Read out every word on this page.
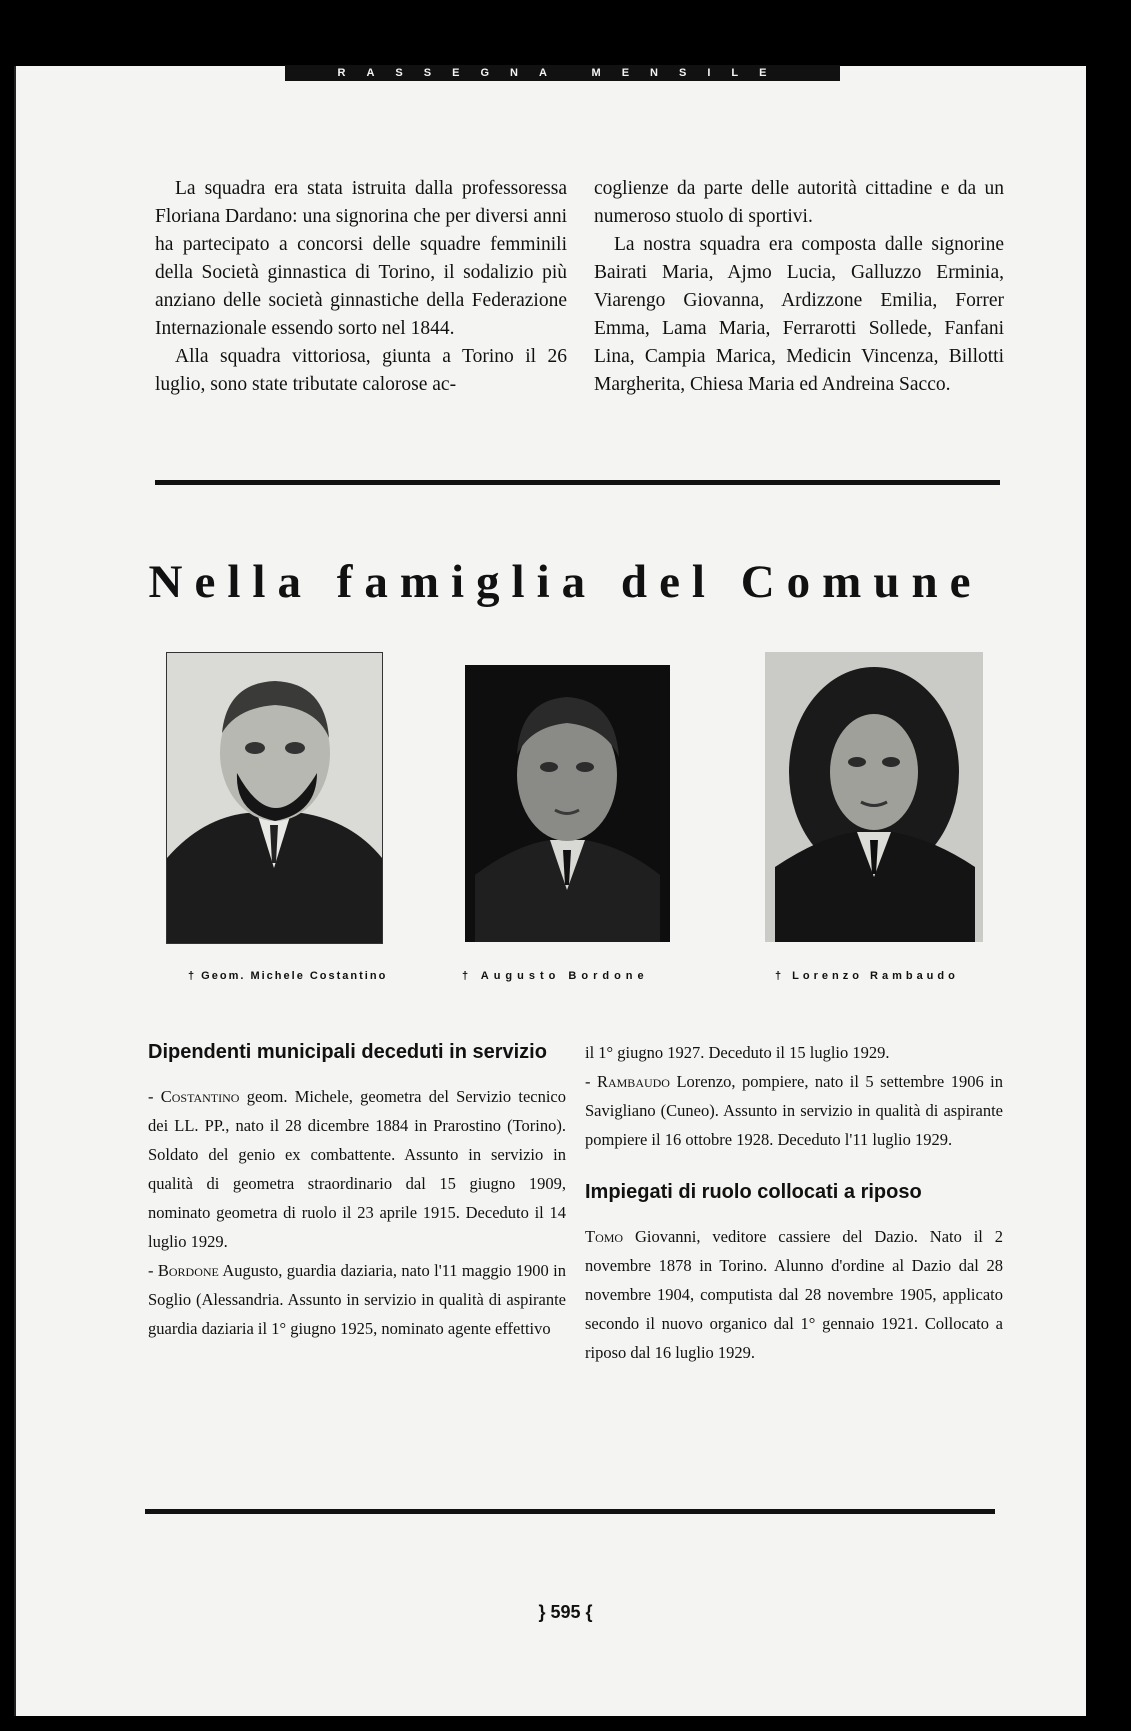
RASSEGNA MENSILE

La squadra era stata istruita dalla professoressa Floriana Dardano: una signorina che per diversi anni ha partecipato a concorsi delle squadre femminili della Società ginnastica di Torino, il sodalizio più anziano delle società ginnastiche della Federazione Internazionale essendo sorto nel 1844.

Alla squadra vittoriosa, giunta a Torino il 26 luglio, sono state tributate calorose ac-

coglienze da parte delle autorità cittadine e da un numeroso stuolo di sportivi.

La nostra squadra era composta dalle signorine Bairati Maria, Ajmo Lucia, Galluzzo Erminia, Viarengo Giovanna, Ardizzone Emilia, Forrer Emma, Lama Maria, Ferrarotti Sollede, Fanfani Lina, Campia Marica, Medicin Vincenza, Billotti Margherita, Chiesa Maria ed Andreina Sacco.

Nella famiglia del Comune
† Geom. Michele Costantino	† Augusto Bordone	† Lorenzo Rambaudo
Dipendenti municipali deceduti in servizio

- Costantino geom. Michele, geometra del Servizio tecnico dei LL. PP., nato il 28 dicembre 1884 in Prarostino (Torino). Soldato del genio ex combattente. Assunto in servizio in qualità di geometra straordinario dal 15 giugno 1909, nominato geometra di ruolo il 23 aprile 1915. Deceduto il 14 luglio 1929.

- Bordone Augusto, guardia daziaria, nato l'11 maggio 1900 in Soglio (Alessandria. Assunto in servizio in qualità di aspirante guardia daziaria il 1° giugno 1925, nominato agente effettivo

il 1° giugno 1927. Deceduto il 15 luglio 1929.

- Rambaudo Lorenzo, pompiere, nato il 5 settembre 1906 in Savigliano (Cuneo). Assunto in servizio in qualità di aspirante pompiere il 16 ottobre 1928. Deceduto l'11 luglio 1929.

Impiegati di ruolo collocati a riposo

Tomo Giovanni, veditore cassiere del Dazio. Nato il 2 novembre 1878 in Torino. Alunno d'ordine al Dazio dal 28 novembre 1904, computista dal 28 novembre 1905, applicato secondo il nuovo organico dal 1° gennaio 1921. Collocato a riposo dal 16 luglio 1929.

} 595 {
